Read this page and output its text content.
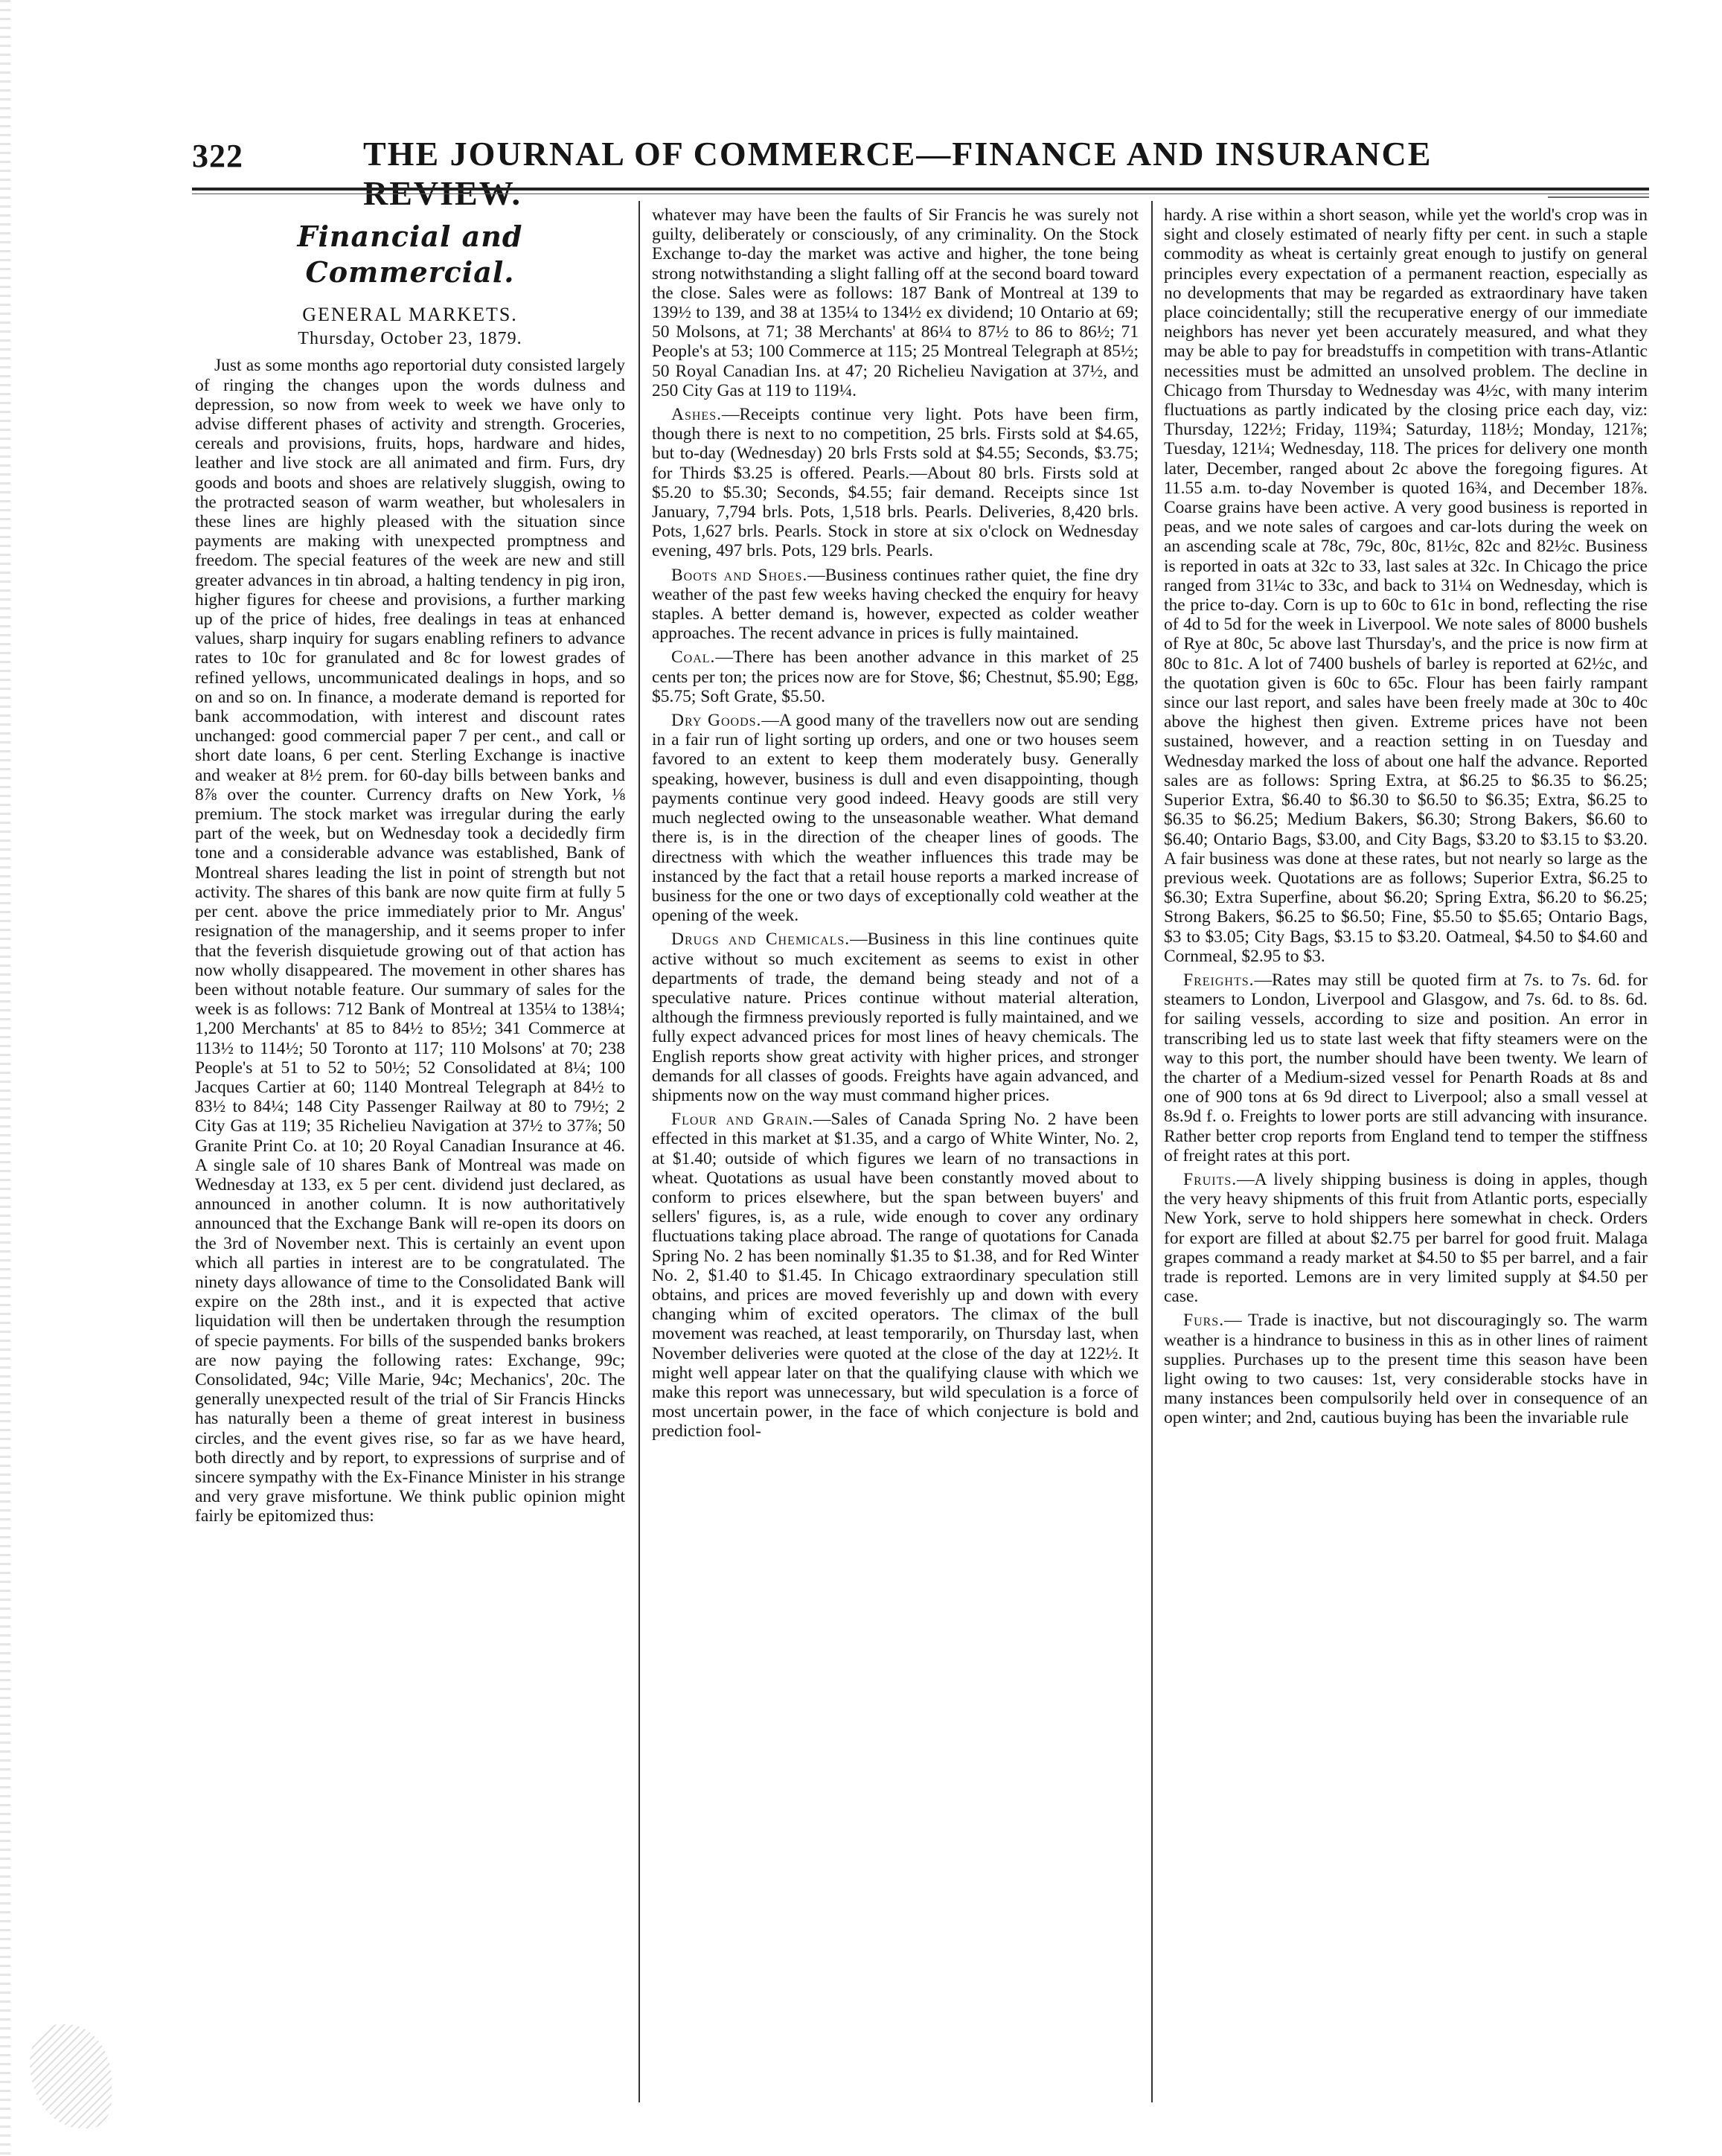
322	THE JOURNAL OF COMMERCE—FINANCE AND INSURANCE
Financial and Commercial.
GENERAL MARKETS.
Thursday, October 23, 1879.

Just as some months ago reportorial duty consisted largely of ringing the changes upon the words dulness and depression, so now from week to week we have only to advise different phases of activity and strength. Groceries, cereals and provisions, fruits, hops, hardware and hides, leather and live stock are all animated and firm. Furs, dry goods and boots and shoes are relatively sluggish, owing to the protracted season of warm weather, but wholesalers in these lines are highly pleased with the situation since payments are making with unexpected promptness and freedom. The special features of the week are new and still greater advances in tin abroad, a halting tendency in pig iron, higher figures for cheese and provisions, a further marking up of the price of hides, free dealings in teas at enhanced values, sharp inquiry for sugars enabling refiners to advance rates to 10c for granulated and 8c for lowest grades of refined yellows, uncommunicated dealings in hops, and so on and so on. In finance, a moderate demand is reported for bank accommodation, with interest and discount rates unchanged: good commercial paper 7 per cent., and call or short date loans, 6 per cent. Sterling Exchange is inactive and weaker at 8½ prem. for 60-day bills between banks and 8⅞ over the counter. Currency drafts on New York, ⅛ premium. The stock market was irregular during the early part of the week, but on Wednesday took a decidedly firm tone and a considerable advance was established, Bank of Montreal shares leading the list in point of strength but not activity. The shares of this bank are now quite firm at fully 5 per cent. above the price immediately prior to Mr. Angus' resignation of the managership, and it seems proper to infer that the feverish disquietude growing out of that action has now wholly disappeared. The movement in other shares has been without notable feature. Our summary of sales for the week is as follows: 712 Bank of Montreal at 135¼ to 138¼; 1,200 Merchants' at 85 to 84½ to 85½; 341 Commerce at 113½ to 114½; 50 Toronto at 117; 110 Molsons' at 70; 238 People's at 51 to 52 to 50½; 52 Consolidated at 8¼; 100 Jacques Cartier at 60; 1140 Montreal Telegraph at 84½ to 83½ to 84¼; 148 City Passenger Railway at 80 to 79½; 2 City Gas at 119; 35 Richelieu Navigation at 37½ to 37⅞; 50 Granite Print Co. at 10; 20 Royal Canadian Insurance at 46. A single sale of 10 shares Bank of Montreal was made on Wednesday at 133, ex 5 per cent. dividend just declared, as announced in another column. It is now authoritatively announced that the Exchange Bank will re-open its doors on the 3rd of November next. This is certainly an event upon which all parties in interest are to be congratulated. The ninety days allowance of time to the Consolidated Bank will expire on the 28th inst., and it is expected that active liquidation will then be undertaken through the resumption of specie payments. For bills of the suspended banks brokers are now paying the following rates: Exchange, 99c; Consolidated, 94c; Ville Marie, 94c; Mechanics', 20c. The generally unexpected result of the trial of Sir Francis Hincks has naturally been a theme of great interest in business circles, and the event gives rise, so far as we have heard, both directly and by report, to expressions of surprise and of sincere sympathy with the Ex-Finance Minister in his strange and very grave misfortune. We think public opinion might fairly be epitomized thus:

whatever may have been the faults of Sir Francis he was surely not guilty, deliberately or consciously, of any criminality. On the Stock Exchange to-day the market was active and higher, the tone being strong notwithstanding a slight falling off at the second board toward the close. Sales were as follows: 187 Bank of Montreal at 139 to 139½ to 139, and 38 at 135¼ to 134½ ex dividend; 10 Ontario at 69; 50 Molsons, at 71; 38 Merchants' at 86¼ to 87½ to 86 to 86½; 71 People's at 53; 100 Commerce at 115; 25 Montreal Telegraph at 85½; 50 Royal Canadian Ins. at 47; 20 Richelieu Navigation at 37½, and 250 City Gas at 119 to 119¼.

Ashes.—Receipts continue very light. Pots have been firm, though there is next to no competition, 25 brls. Firsts sold at $4.65, but to-day (Wednesday) 20 brls Frsts sold at $4.55; Seconds, $3.75; for Thirds $3.25 is offered. Pearls.—About 80 brls. Firsts sold at $5.20 to $5.30; Seconds, $4.55; fair demand. Receipts since 1st January, 7,794 brls. Pots, 1,518 brls. Pearls. Deliveries, 8,420 brls. Pots, 1,627 brls. Pearls. Stock in store at six o'clock on Wednesday evening, 497 brls. Pots, 129 brls. Pearls.

Boots and Shoes.—Business continues rather quiet, the fine dry weather of the past few weeks having checked the enquiry for heavy staples. A better demand is, however, expected as colder weather approaches. The recent advance in prices is fully maintained.

Coal.—There has been another advance in this market of 25 cents per ton; the prices now are for Stove, $6; Chestnut, $5.90; Egg, $5.75; Soft Grate, $5.50.

Dry Goods.—A good many of the travellers now out are sending in a fair run of light sorting up orders, and one or two houses seem favored to an extent to keep them moderately busy. Generally speaking, however, business is dull and even disappointing, though payments continue very good indeed. Heavy goods are still very much neglected owing to the unseasonable weather. What demand there is, is in the direction of the cheaper lines of goods. The directness with which the weather influences this trade may be instanced by the fact that a retail house reports a marked increase of business for the one or two days of exceptionally cold weather at the opening of the week.

Drugs and Chemicals.—Business in this line continues quite active without so much excitement as seems to exist in other departments of trade, the demand being steady and not of a speculative nature. Prices continue without material alteration, although the firmness previously reported is fully maintained, and we fully expect advanced prices for most lines of heavy chemicals. The English reports show great activity with higher prices, and stronger demands for all classes of goods. Freights have again advanced, and shipments now on the way must command higher prices.

Flour and Grain.—Sales of Canada Spring No. 2 have been effected in this market at $1.35, and a cargo of White Winter, No. 2, at $1.40; outside of which figures we learn of no transactions in wheat. Quotations as usual have been constantly moved about to conform to prices elsewhere, but the span between buyers' and sellers' figures, is, as a rule, wide enough to cover any ordinary fluctuations taking place abroad. The range of quotations for Canada Spring No. 2 has been nominally $1.35 to $1.38, and for Red Winter No. 2, $1.40 to $1.45. In Chicago extraordinary speculation still obtains, and prices are moved feverishly up and down with every changing whim of excited operators. The climax of the bull movement was reached, at least temporarily, on Thursday last, when November deliveries were quoted at the close of the day at 122½. It might well appear later on that the qualifying clause with which we make this report was unnecessary, but wild speculation is a force of most uncertain power, in the face of which conjecture is bold and prediction fool-

hardy. A rise within a short season, while yet the world's crop was in sight and closely estimated of nearly fifty per cent. in such a staple commodity as wheat is certainly great enough to justify on general principles every expectation of a permanent reaction, especially as no developments that may be regarded as extraordinary have taken place coincidentally; still the recuperative energy of our immediate neighbors has never yet been accurately measured, and what they may be able to pay for breadstuffs in competition with trans-Atlantic necessities must be admitted an unsolved problem. The decline in Chicago from Thursday to Wednesday was 4½c, with many interim fluctuations as partly indicated by the closing price each day, viz: Thursday, 122½; Friday, 119¾; Saturday, 118½; Monday, 121⅞; Tuesday, 121¼; Wednesday, 118. The prices for delivery one month later, December, ranged about 2c above the foregoing figures. At 11.55 a.m. to-day November is quoted 16¾, and December 18⅞. Coarse grains have been active. A very good business is reported in peas, and we note sales of cargoes and car-lots during the week on an ascending scale at 78c, 79c, 80c, 81½c, 82c and 82½c. Business is reported in oats at 32c to 33, last sales at 32c. In Chicago the price ranged from 31¼c to 33c, and back to 31¼ on Wednesday, which is the price to-day. Corn is up to 60c to 61c in bond, reflecting the rise of 4d to 5d for the week in Liverpool. We note sales of 8000 bushels of Rye at 80c, 5c above last Thursday's, and the price is now firm at 80c to 81c. A lot of 7400 bushels of barley is reported at 62½c, and the quotation given is 60c to 65c. Flour has been fairly rampant since our last report, and sales have been freely made at 30c to 40c above the highest then given. Extreme prices have not been sustained, however, and a reaction setting in on Tuesday and Wednesday marked the loss of about one half the advance. Reported sales are as follows: Spring Extra, at $6.25 to $6.35 to $6.25; Superior Extra, $6.40 to $6.30 to $6.50 to $6.35; Extra, $6.25 to $6.35 to $6.25; Medium Bakers, $6.30; Strong Bakers, $6.60 to $6.40; Ontario Bags, $3.00, and City Bags, $3.20 to $3.15 to $3.20. A fair business was done at these rates, but not nearly so large as the previous week. Quotations are as follows; Superior Extra, $6.25 to $6.30; Extra Superfine, about $6.20; Spring Extra, $6.20 to $6.25; Strong Bakers, $6.25 to $6.50; Fine, $5.50 to $5.65; Ontario Bags, $3 to $3.05; City Bags, $3.15 to $3.20. Oatmeal, $4.50 to $4.60 and Cornmeal, $2.95 to $3.

Freights.—Rates may still be quoted firm at 7s. to 7s. 6d. for steamers to London, Liverpool and Glasgow, and 7s. 6d. to 8s. 6d. for sailing vessels, according to size and position. An error in transcribing led us to state last week that fifty steamers were on the way to this port, the number should have been twenty. We learn of the charter of a Medium-sized vessel for Penarth Roads at 8s and one of 900 tons at 6s 9d direct to Liverpool; also a small vessel at 8s.9d f. o. Freights to lower ports are still advancing with insurance. Rather better crop reports from England tend to temper the stiffness of freight rates at this port.

Fruits.—A lively shipping business is doing in apples, though the very heavy shipments of this fruit from Atlantic ports, especially New York, serve to hold shippers here somewhat in check. Orders for export are filled at about $2.75 per barrel for good fruit. Malaga grapes command a ready market at $4.50 to $5 per barrel, and a fair trade is reported. Lemons are in very limited supply at $4.50 per case.

Furs.— Trade is inactive, but not discouragingly so. The warm weather is a hindrance to business in this as in other lines of raiment supplies. Purchases up to the present time this season have been light owing to two causes: 1st, very considerable stocks have in many instances been compulsorily held over in consequence of an open winter; and 2nd, cautious buying has been the invariable rule
